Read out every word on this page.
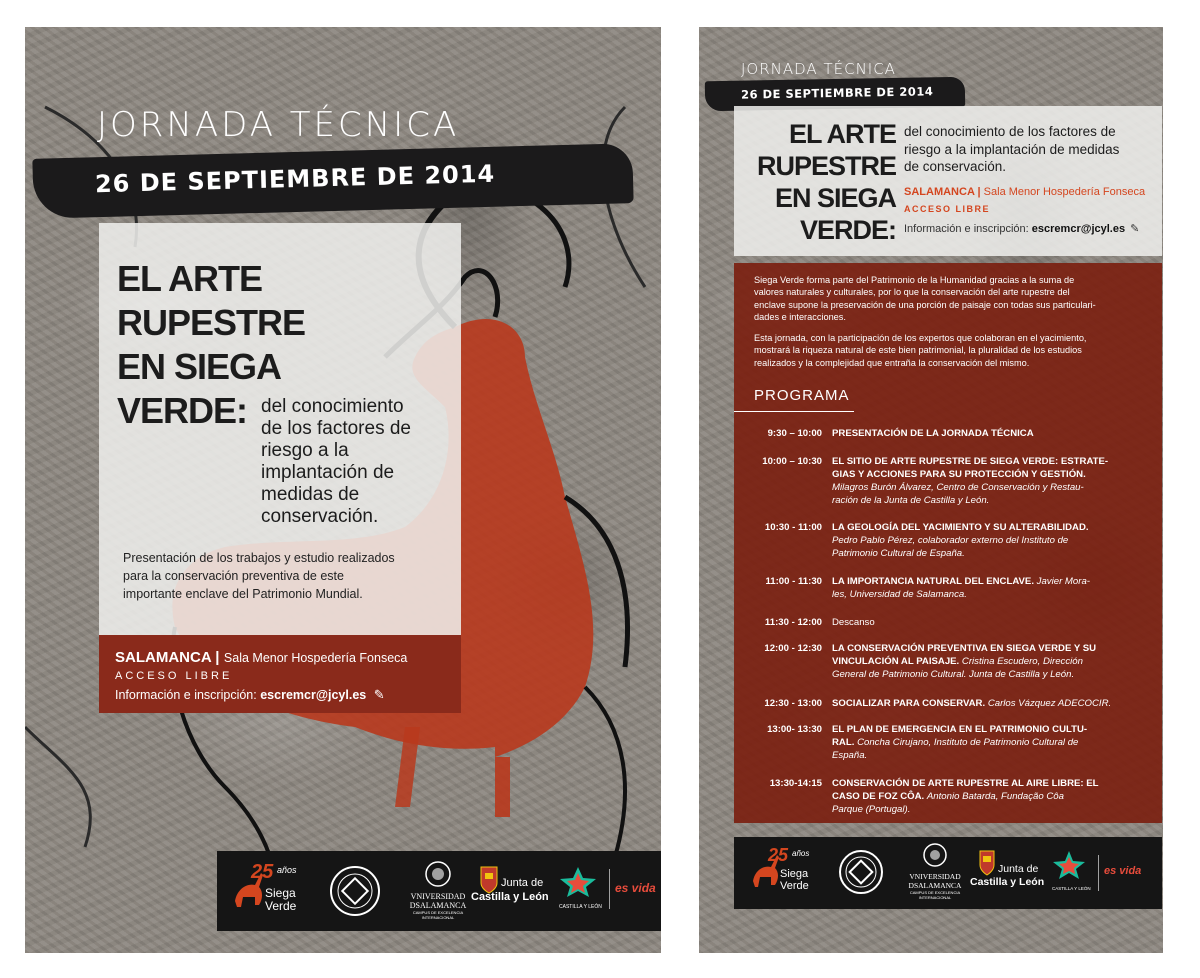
JORNADA TÉCNICA
26 DE SEPTIEMBRE DE 2014
EL ARTE
RUPESTRE
EN SIEGA
VERDE: del conocimiento
de los factores de
riesgo a la
implantación de
medidas de
conservación.
Presentación de los trabajos y estudio realizados
para la conservación preventiva de este
importante enclave del Patrimonio Mundial.
SALAMANCA | Sala Menor Hospedería Fonseca
ACCESO LIBRE
Información e inscripción: escremcr@jcyl.es ✎
25 años
Siega
Verde
VNIVERSIDAD
DSALAMANCA
CAMPUS DE EXCELENCIA INTERNACIONAL
Junta de
Castilla y León
CASTILLA Y LEÓN
es vida
JORNADA TÉCNICA
26 DE SEPTIEMBRE DE 2014
EL ARTE
RUPESTRE
EN SIEGA
VERDE:
del conocimiento de los factores de
riesgo a la implantación de medidas
de conservación.
SALAMANCA | Sala Menor Hospedería Fonseca
ACCESO LIBRE
Información e inscripción: escremcr@jcyl.es ✎
Siega Verde forma parte del Patrimonio de la Humanidad gracias a la suma de
valores naturales y culturales, por lo que la conservación del arte rupestre del
enclave supone la preservación de una porción de paisaje con todas sus particulari-
dades e interacciones.
Esta jornada, con la participación de los expertos que colaboran en el yacimiento,
mostrará la riqueza natural de este bien patrimonial, la pluralidad de los estudios
realizados y la complejidad que entraña la conservación del mismo.
PROGRAMA
9:30 – 10:00 PRESENTACIÓN DE LA JORNADA TÉCNICA
10:00 – 10:30 EL SITIO DE ARTE RUPESTRE DE SIEGA VERDE: ESTRATE-
GIAS Y ACCIONES PARA SU PROTECCIÓN Y GESTIÓN.
Milagros Burón Álvarez, Centro de Conservación y Restau-
ración de la Junta de Castilla y León.
10:30 - 11:00 LA GEOLOGÍA DEL YACIMIENTO Y SU ALTERABILIDAD.
Pedro Pablo Pérez, colaborador externo del Instituto de
Patrimonio Cultural de España.
11:00 - 11:30 LA IMPORTANCIA NATURAL DEL ENCLAVE. Javier Mora-
les, Universidad de Salamanca.
11:30 - 12:00 Descanso
12:00 - 12:30 LA CONSERVACIÓN PREVENTIVA EN SIEGA VERDE Y SU
VINCULACIÓN AL PAISAJE. Cristina Escudero, Dirección
General de Patrimonio Cultural. Junta de Castilla y León.
12:30 - 13:00 SOCIALIZAR PARA CONSERVAR. Carlos Vázquez ADECOCIR.
13:00- 13:30 EL PLAN DE EMERGENCIA EN EL PATRIMONIO CULTU-
RAL. Concha Cirujano, Instituto de Patrimonio Cultural de
España.
13:30-14:15 CONSERVACIÓN DE ARTE RUPESTRE AL AIRE LIBRE: EL
CASO DE FOZ CÔA. Antonio Batarda, Fundação Côa
Parque (Portugal).
25 años
Siega
Verde
VNIVERSIDAD
DSALAMANCA
CAMPUS DE EXCELENCIA INTERNACIONAL
Junta de
Castilla y León
CASTILLA Y LEÓN
es vida
